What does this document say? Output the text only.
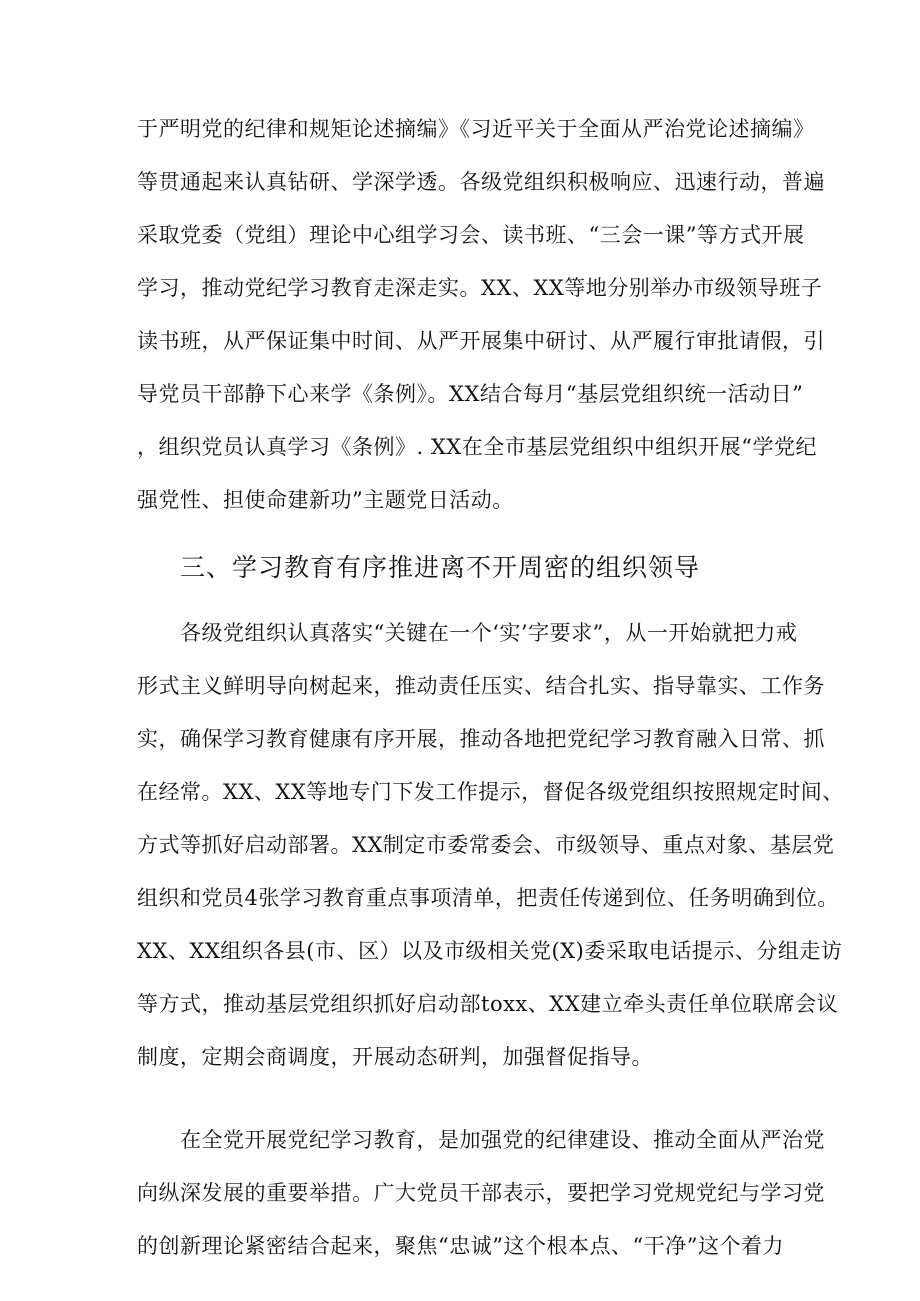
于严明党的纪律和规矩论述摘编》《习近平关于全面从严治党论述摘编》
等贯通起来认真钻研、学深学透。各级党组织积极响应、迅速行动，普遍
采取党委（党组）理论中心组学习会、读书班、“三会一课”等方式开展
学习，推动党纪学习教育走深走实。XX、XX等地分别举办市级领导班子
读书班，从严保证集中时间、从严开展集中研讨、从严履行审批请假，引
导党员干部静下心来学《条例》。XX结合每月“基层党组织统一活动日”
，组织党员认真学习《条例》. XX在全市基层党组织中组织开展“学党纪
强党性、担使命建新功”主题党日活动。
三、学习教育有序推进离不开周密的组织领导
各级党组织认真落实“关键在一个‘实’字要求”，从一开始就把力戒
形式主义鲜明导向树起来，推动责任压实、结合扎实、指导靠实、工作务
实，确保学习教育健康有序开展，推动各地把党纪学习教育融入日常、抓
在经常。XX、XX等地专门下发工作提示，督促各级党组织按照规定时间、
方式等抓好启动部署。XX制定市委常委会、市级领导、重点对象、基层党
组织和党员4张学习教育重点事项清单，把责任传递到位、任务明确到位。
XX、XX组织各县(市、区）以及市级相关党(X)委采取电话提示、分组走访
等方式，推动基层党组织抓好启动部toxx、XX建立牵头责任单位联席会议
制度，定期会商调度，开展动态研判，加强督促指导。
在全党开展党纪学习教育，是加强党的纪律建设、推动全面从严治党
向纵深发展的重要举措。广大党员干部表示，要把学习党规党纪与学习党
的创新理论紧密结合起来，聚焦“忠诚”这个根本点、“干净”这个着力
